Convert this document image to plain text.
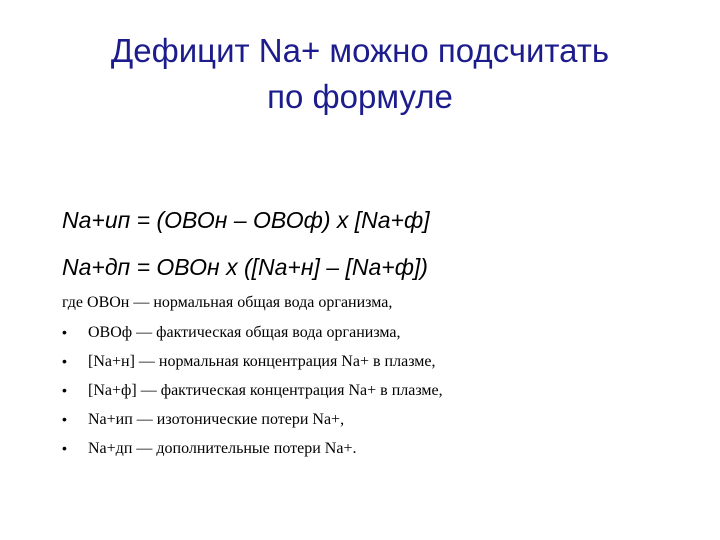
Дефицит Na+ можно подсчитать
по формуле
Na+ип = (ОВОн – ОВОф) х [Na+ф]
Na+дп = ОВОн х ([Na+н] – [Na+ф])
где ОВОн — нормальная общая вода организма,
• ОВОф — фактическая общая вода организма,
• [Na+н] — нормальная концентрация Na+ в плазме,
• [Na+ф] — фактическая концентрация Na+ в плазме,
• Na+ип — изотонические потери Na+,
• Na+дп — дополнительные потери Na+.
